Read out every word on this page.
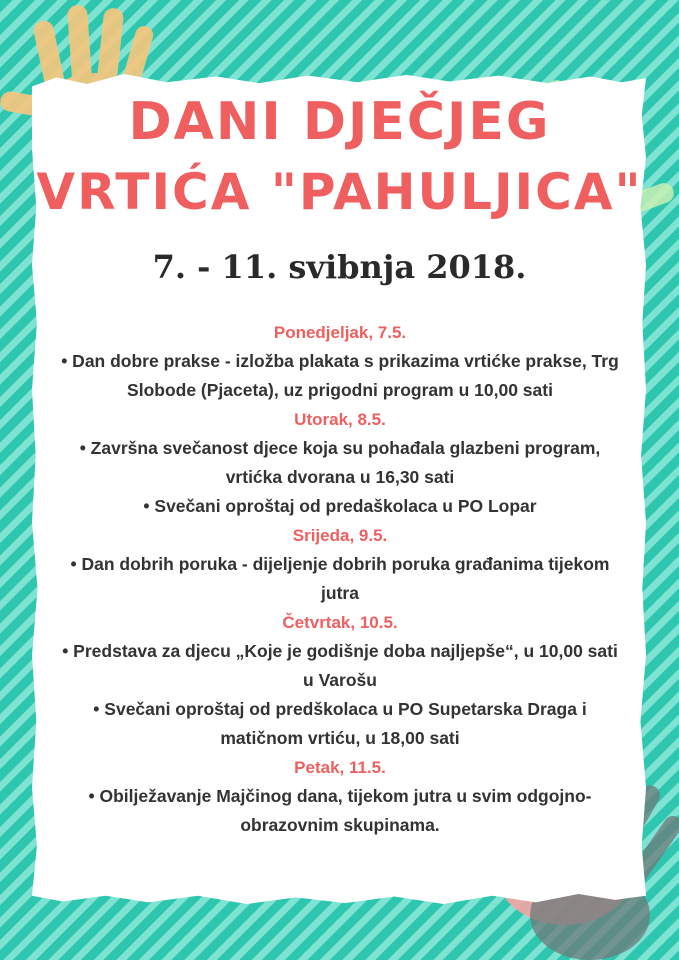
DANI DJEČJEG
VRTIĆA "PAHULJICA"
7. - 11. svibnja 2018.
Ponedjeljak, 7.5.
• Dan dobre prakse - izložba plakata s prikazima vrtićke prakse, Trg Slobode (Pjaceta), uz prigodni program u 10,00 sati
Utorak, 8.5.
• Završna svečanost djece koja su pohađala glazbeni program, vrtićka dvorana u 16,30 sati
• Svečani oproštaj od predaškolaca u PO Lopar
Srijeda, 9.5.
• Dan dobrih poruka - dijeljenje dobrih poruka građanima tijekom jutra
Četvrtak, 10.5.
• Predstava za djecu „Koje je godišnje doba najljepše“, u 10,00 sati u Varošu
• Svečani oproštaj od predškolaca u PO Supetarska Draga i matičnom vrtiću, u 18,00 sati
Petak, 11.5.
• Obilježavanje Majčinog dana, tijekom jutra u svim odgojno-obrazovnim skupinama.
